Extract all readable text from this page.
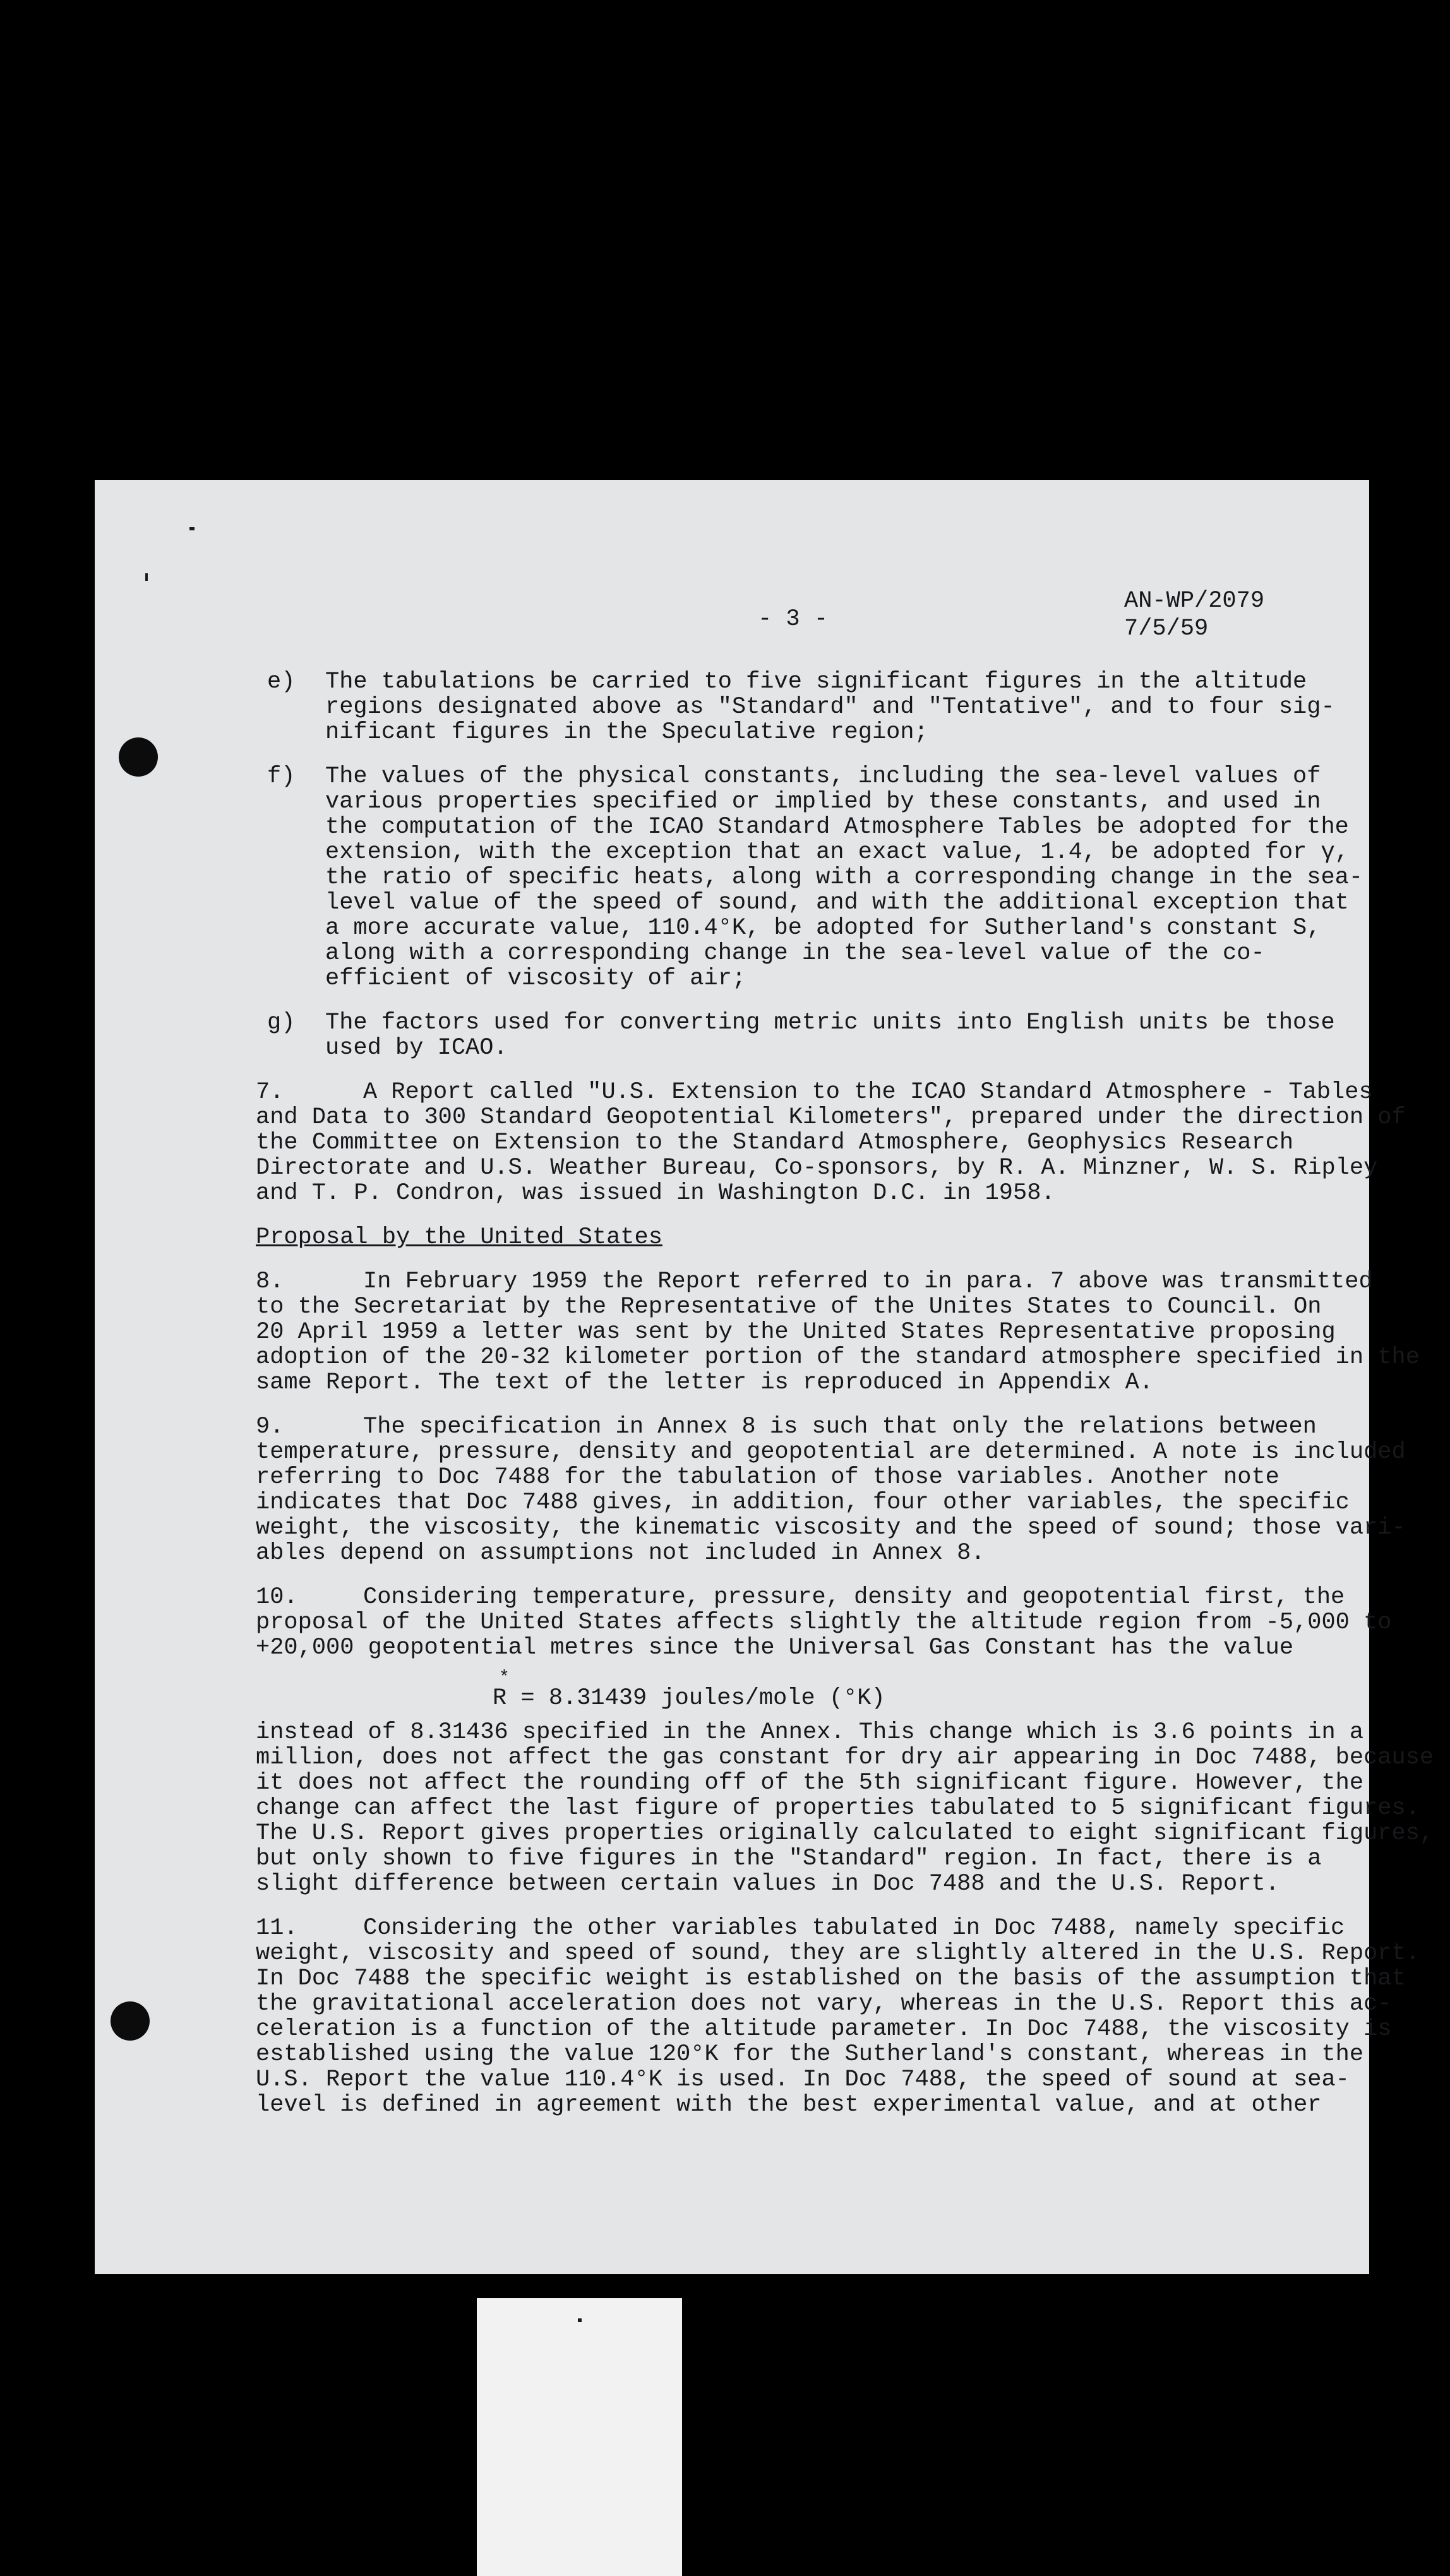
- 3 -
AN-WP/2079
7/5/59
e)	The tabulations be carried to five significant figures in the altitude
regions designated above as "Standard" and "Tentative", and to four sig-
nificant figures in the Speculative region;
f)	The values of the physical constants, including the sea-level values of
various properties specified or implied by these constants, and used in
the computation of the ICAO Standard Atmosphere Tables be adopted for the
extension, with the exception that an exact value, 1.4, be adopted for γ,
the ratio of specific heats, along with a corresponding change in the sea-
level value of the speed of sound, and with the additional exception that
a more accurate value, 110.4°K, be adopted for Sutherland's constant S,
along with a corresponding change in the sea-level value of the co-
efficient of viscosity of air;
g)	The factors used for converting metric units into English units be those
used by ICAO.
7.	A Report called "U.S. Extension to the ICAO Standard Atmosphere - Tables
and Data to 300 Standard Geopotential Kilometers", prepared under the direction of
the Committee on Extension to the Standard Atmosphere, Geophysics Research
Directorate and U.S. Weather Bureau, Co-sponsors, by R. A. Minzner, W. S. Ripley
and T. P. Condron, was issued in Washington D.C. in 1958.
Proposal by the United States
8.	In February 1959 the Report referred to in para. 7 above was transmitted
to the Secretariat by the Representative of the Unites States to Council. On
20 April 1959 a letter was sent by the United States Representative proposing
adoption of the 20-32 kilometer portion of the standard atmosphere specified in the
same Report. The text of the letter is reproduced in Appendix A.
9.	The specification in Annex 8 is such that only the relations between
temperature, pressure, density and geopotential are determined. A note is included
referring to Doc 7488 for the tabulation of those variables. Another note
indicates that Doc 7488 gives, in addition, four other variables, the specific
weight, the viscosity, the kinematic viscosity and the speed of sound; those vari-
ables depend on assumptions not included in Annex 8.
10.	Considering temperature, pressure, density and geopotential first, the
proposal of the United States affects slightly the altitude region from -5,000 to
+20,000 geopotential metres since the Universal Gas Constant has the value
*
R = 8.31439 joules/mole (°K)
instead of 8.31436 specified in the Annex. This change which is 3.6 points in a
million, does not affect the gas constant for dry air appearing in Doc 7488, because
it does not affect the rounding off of the 5th significant figure. However, the
change can affect the last figure of properties tabulated to 5 significant figures.
The U.S. Report gives properties originally calculated to eight significant figures,
but only shown to five figures in the "Standard" region. In fact, there is a
slight difference between certain values in Doc 7488 and the U.S. Report.
11.	Considering the other variables tabulated in Doc 7488, namely specific
weight, viscosity and speed of sound, they are slightly altered in the U.S. Report.
In Doc 7488 the specific weight is established on the basis of the assumption that
the gravitational acceleration does not vary, whereas in the U.S. Report this ac-
celeration is a function of the altitude parameter. In Doc 7488, the viscosity is
established using the value 120°K for the Sutherland's constant, whereas in the
U.S. Report the value 110.4°K is used. In Doc 7488, the speed of sound at sea-
level is defined in agreement with the best experimental value, and at other
